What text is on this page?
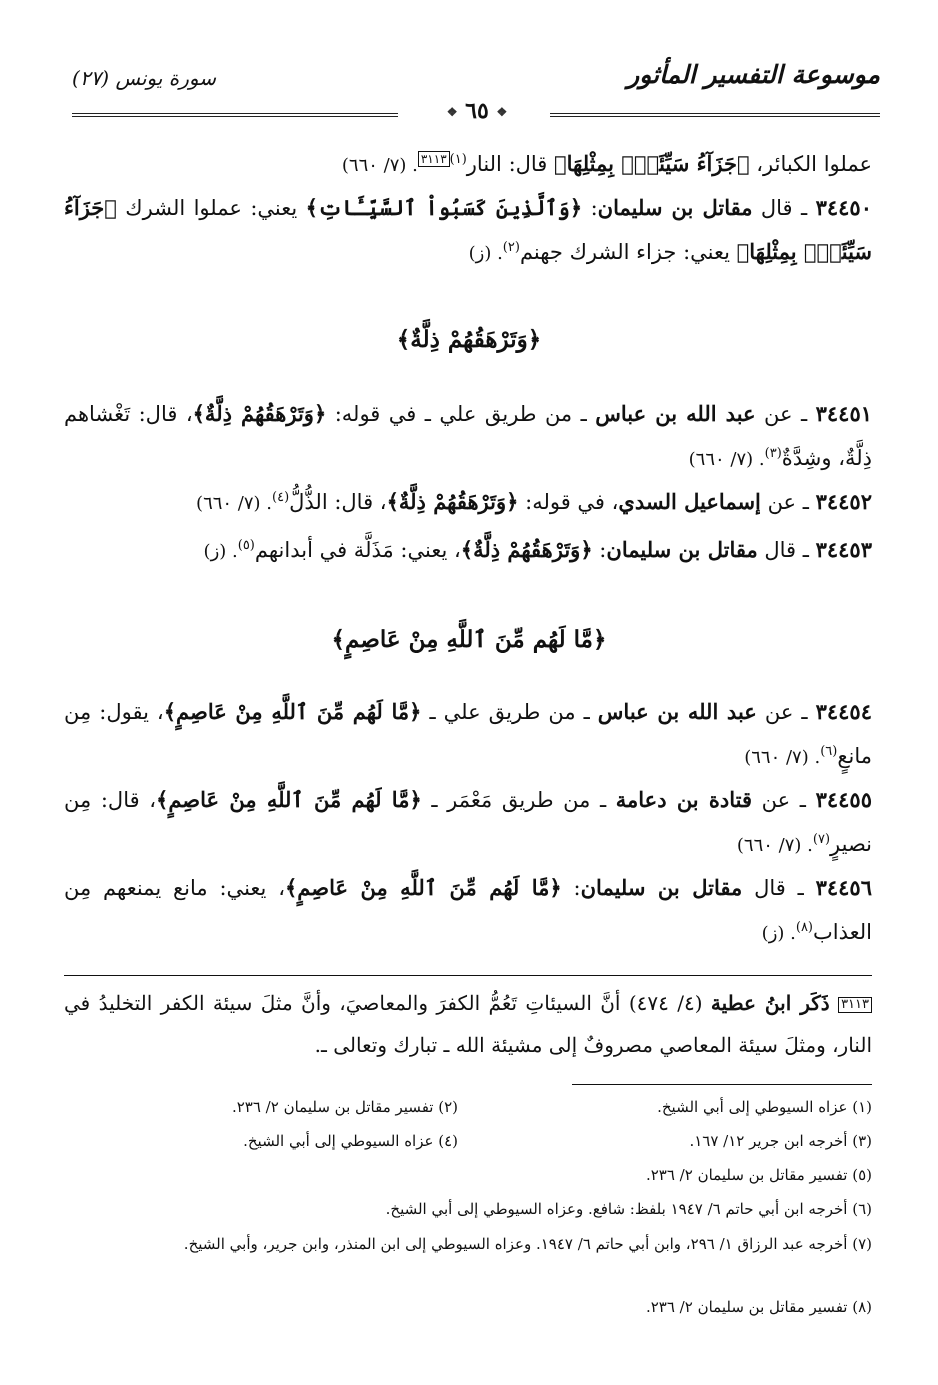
موسوعة التفسير المأثور
سورة يونس (٢٧)
❖ ٦٥ ❖
عملوا الكبائر، ﴿جَزَآءُ سَيِّئَةٍۭ بِمِثْلِهَا﴾ قال: النار$^{(١)}$٣١١٣. (٧/ ٦٦٠)
٣٤٤٥٠ ـ قال مقاتل بن سليمان: ﴿وَٱلَّذِينَ كَسَبُواْ ٱلسَّيِّـَٔاتِ﴾ يعني: عملوا الشرك ﴿جَزَآءُ سَيِّئَةٍۭ بِمِثْلِهَا﴾ يعني: جزاء الشرك جهنم$^{(٢)}$. (ز)
﴿وَتَرْهَقُهُمْ ذِلَّةٌ﴾
٣٤٤٥١ ـ عن عبد الله بن عباس ـ من طريق علي ـ في قوله: ﴿وَتَرْهَقُهُمْ ذِلَّةٌ﴾، قال: تَغْشاهم ذِلَّةٌ، وشِدَّةٌ$^{(٣)}$. (٧/ ٦٦٠)
٣٤٤٥٢ ـ عن إسماعيل السدي، في قوله: ﴿وَتَرْهَقُهُمْ ذِلَّةٌ﴾، قال: الذُّلُّ$^{(٤)}$. (٧/ ٦٦٠)
٣٤٤٥٣ ـ قال مقاتل بن سليمان: ﴿وَتَرْهَقُهُمْ ذِلَّةٌ﴾، يعني: مَذَلَّة في أبدانهم$^{(٥)}$. (ز)
﴿مَّا لَهُم مِّنَ ٱللَّهِ مِنْ عَاصِمٍ﴾
٣٤٤٥٤ ـ عن عبد الله بن عباس ـ من طريق علي ـ ﴿مَّا لَهُم مِّنَ ٱللَّهِ مِنْ عَاصِمٍ﴾، يقول: مِن مانعٍ$^{(٦)}$. (٧/ ٦٦٠)
٣٤٤٥٥ ـ عن قتادة بن دعامة ـ من طريق مَعْمَر ـ ﴿مَّا لَهُم مِّنَ ٱللَّهِ مِنْ عَاصِمٍ﴾، قال: مِن نصيرٍ$^{(٧)}$. (٧/ ٦٦٠)
٣٤٤٥٦ ـ قال مقاتل بن سليمان: ﴿مَّا لَهُم مِّنَ ٱللَّهِ مِنْ عَاصِمٍ﴾، يعني: مانع يمنعهم مِن العذاب$^{(٨)}$. (ز)
٣١١٣ ذَكَر ابنُ عطية (٤/ ٤٧٤) أنَّ السيئاتِ تَعُمُّ الكفرَ والمعاصيَ، وأنَّ مثلَ سيئة الكفر التخليدُ في النار، ومثلَ سيئة المعاصي مصروفٌ إلى مشيئة الله ـ تبارك وتعالى ـ.
(١) عزاه السيوطي إلى أبي الشيخ.
(٢) تفسير مقاتل بن سليمان ٢/ ٢٣٦.
(٣) أخرجه ابن جرير ١٢/ ١٦٧.
(٤) عزاه السيوطي إلى أبي الشيخ.
(٥) تفسير مقاتل بن سليمان ٢/ ٢٣٦.
(٦) أخرجه ابن أبي حاتم ٦/ ١٩٤٧ بلفظ: شافع. وعزاه السيوطي إلى أبي الشيخ.
(٧) أخرجه عبد الرزاق ١/ ٢٩٦، وابن أبي حاتم ٦/ ١٩٤٧. وعزاه السيوطي إلى ابن المنذر، وابن جرير، وأبي الشيخ.
(٨) تفسير مقاتل بن سليمان ٢/ ٢٣٦.
